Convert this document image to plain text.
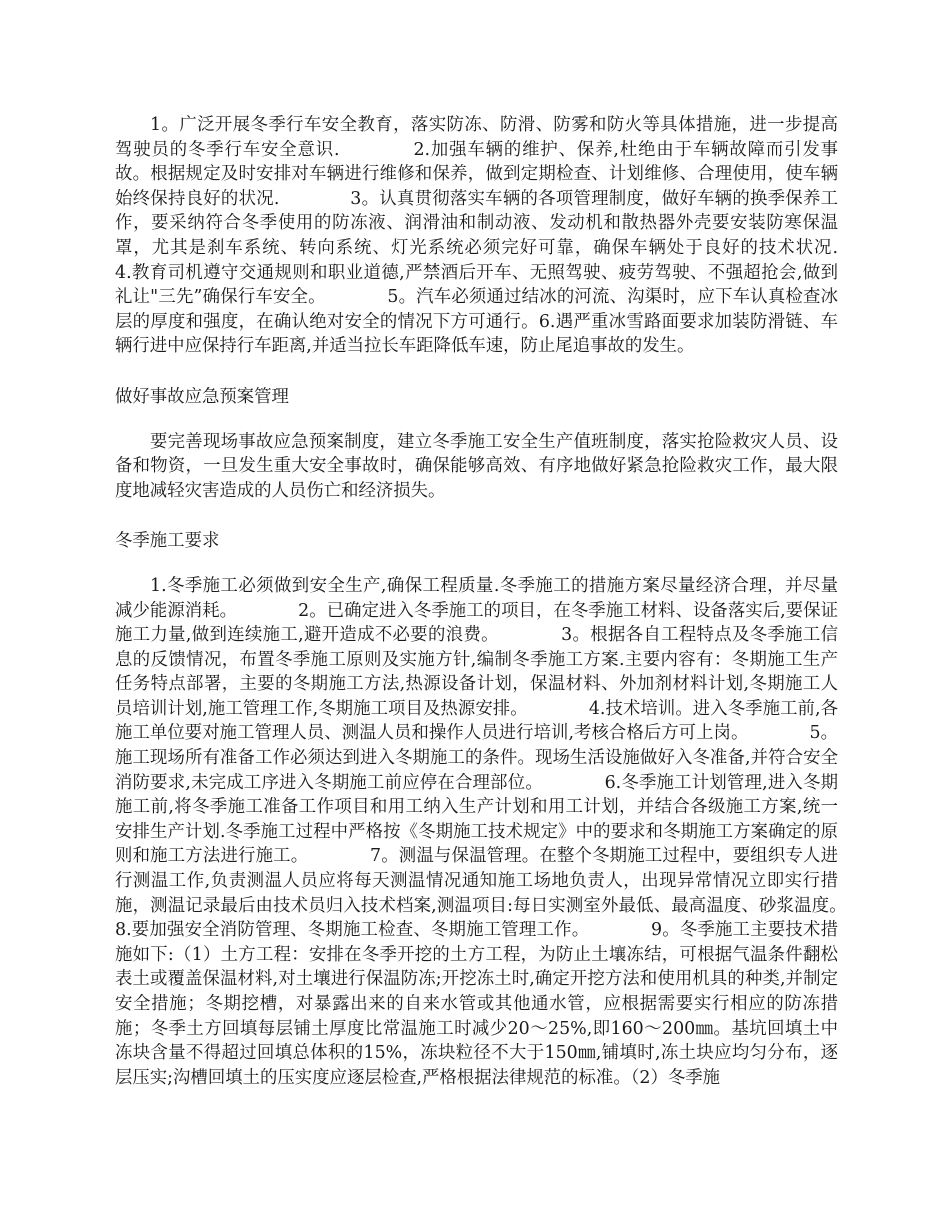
1。广泛开展冬季行车安全教育，落实防冻、防滑、防雾和防火等具体措施，进一步提高驾驶员的冬季行车安全意识.　　　　2.加强车辆的维护、保养,杜绝由于车辆故障而引发事故。根据规定及时安排对车辆进行维修和保养，做到定期检查、计划维修、合理使用，使车辆始终保持良好的状况.　　　　3。认真贯彻落实车辆的各项管理制度，做好车辆的换季保养工作，要采纳符合冬季使用的防冻液、润滑油和制动液、发动机和散热器外壳要安装防寒保温罩，尤其是刹车系统、转向系统、灯光系统必须完好可靠，确保车辆处于良好的技术状况.　　　　4.教育司机遵守交通规则和职业道德,严禁酒后开车、无照驾驶、疲劳驾驶、不强超抢会,做到礼让"三先”确保行车安全。　　　　5。汽车必须通过结冰的河流、沟渠时，应下车认真检查冰层的厚度和强度，在确认绝对安全的情况下方可通行。6.遇严重冰雪路面要求加装防滑链、车辆行进中应保持行车距离,并适当拉长车距降低车速，防止尾追事故的发生。

做好事故应急预案管理

要完善现场事故应急预案制度，建立冬季施工安全生产值班制度，落实抢险救灾人员、设备和物资，一旦发生重大安全事故时，确保能够高效、有序地做好紧急抢险救灾工作，最大限度地减轻灾害造成的人员伤亡和经济损失。

冬季施工要求

1.冬季施工必须做到安全生产,确保工程质量.冬季施工的措施方案尽量经济合理，并尽量减少能源消耗。　　　　2。已确定进入冬季施工的项目，在冬季施工材料、设备落实后,要保证施工力量,做到连续施工,避开造成不必要的浪费。　　　　3。根据各自工程特点及冬季施工信息的反馈情况，布置冬季施工原则及实施方针,编制冬季施工方案.主要内容有：冬期施工生产任务特点部署，主要的冬期施工方法,热源设备计划，保温材料、外加剂材料计划,冬期施工人员培训计划,施工管理工作,冬期施工项目及热源安排。　　　　4.技术培训。进入冬季施工前,各施工单位要对施工管理人员、测温人员和操作人员进行培训,考核合格后方可上岗。　　　　5。施工现场所有准备工作必须达到进入冬期施工的条件。现场生活设施做好入冬准备,并符合安全消防要求,未完成工序进入冬期施工前应停在合理部位。　　　　6.冬季施工计划管理,进入冬期施工前,将冬季施工准备工作项目和用工纳入生产计划和用工计划，并结合各级施工方案,统一安排生产计划.冬季施工过程中严格按《冬期施工技术规定》中的要求和冬期施工方案确定的原则和施工方法进行施工。　　　　7。测温与保温管理。在整个冬期施工过程中，要组织专人进行测温工作,负责测温人员应将每天测温情况通知施工场地负责人，出现异常情况立即实行措施，测温记录最后由技术员归入技术档案,测温项目:每日实测室外最低、最高温度、砂浆温度。　　　　8.要加强安全消防管理、冬期施工检查、冬期施工管理工作。　　　　9。冬季施工主要技术措施如下:（1）土方工程：安排在冬季开挖的土方工程，为防止土壤冻结，可根据气温条件翻松表土或覆盖保温材料,对土壤进行保温防冻;开挖冻土时,确定开挖方法和使用机具的种类,并制定安全措施；冬期挖槽，对暴露出来的自来水管或其他通水管，应根据需要实行相应的防冻措施；冬季土方回填每层铺土厚度比常温施工时减少20～25%,即160～200㎜。基坑回填土中冻块含量不得超过回填总体积的15%，冻块粒径不大于150㎜,铺填时,冻土块应均匀分布，逐层压实;沟槽回填土的压实度应逐层检查,严格根据法律规范的标准。（2）冬季施
